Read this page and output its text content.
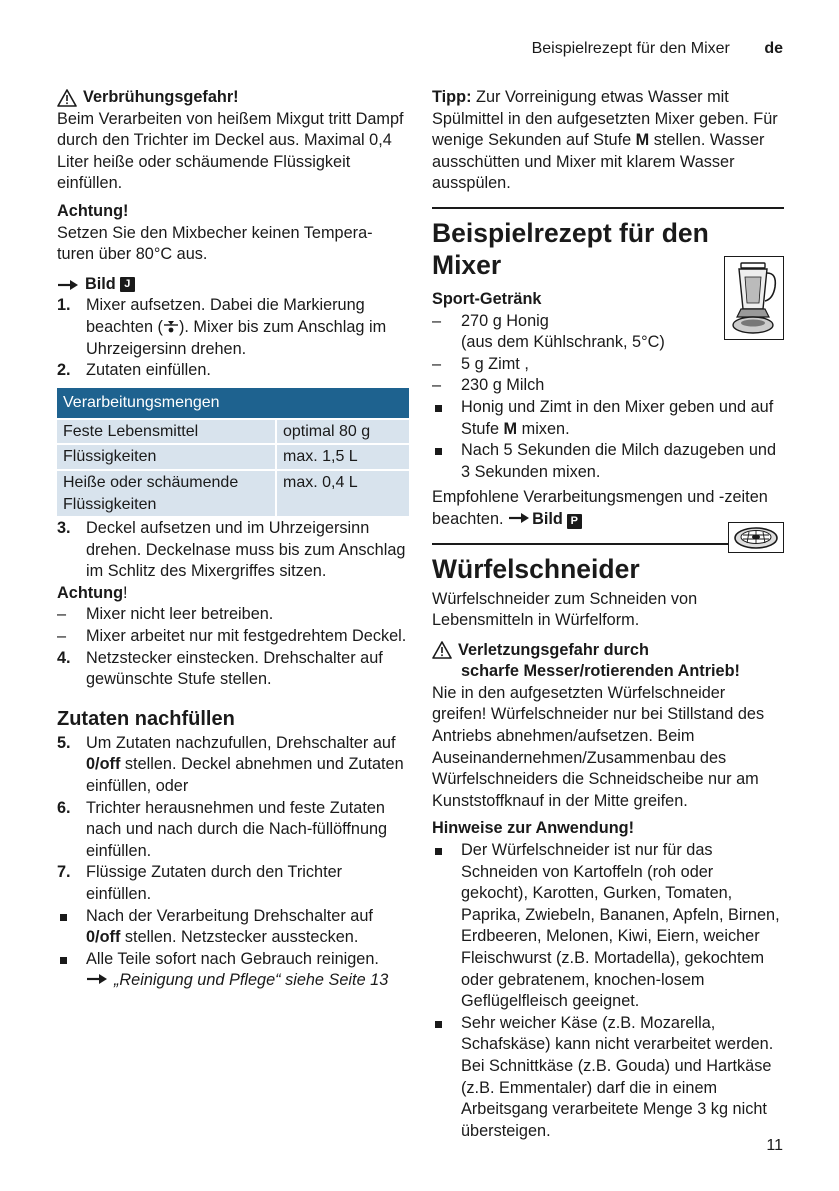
Beispielrezept für den Mixer de
Verbrühungsgefahr!

Beim Verarbeiten von heißem Mixgut tritt Dampf durch den Trichter im Deckel aus. Maximal 0,4 Liter heiße oder schäumende Flüssigkeit einfüllen.

Achtung!

Setzen Sie den Mixbecher keinen Tempera-turen über 80°C aus.

Bild J
1. Mixer aufsetzen. Dabei die Markierung beachten ( ). Mixer bis zum Anschlag im Uhrzeigersinn drehen.
2. Zutaten einfüllen.
Verarbeitungsmengen	
Feste Lebensmittel	optimal 80 g
Flüssigkeiten	max. 1,5 L
Heiße oder schäumende Flüssigkeiten	max. 0,4 L
3. Deckel aufsetzen und im Uhrzeigersinn drehen. Deckelnase muss bis zum Anschlag im Schlitz des Mixergriffes sitzen.

Achtung!

–	Mixer nicht leer betreiben.
–	Mixer arbeitet nur mit festgedrehtem Deckel.
4. Netzstecker einstecken. Drehschalter auf gewünschte Stufe stellen.
Zutaten nachfüllen
5. Um Zutaten nachzufullen, Drehschalter auf 0/off stellen. Deckel abnehmen und Zutaten einfüllen, oder
6. Trichter herausnehmen und feste Zutaten nach und nach durch die Nach-füllöffnung einfüllen.
7. Flüssige Zutaten durch den Trichter einfüllen.
Nach der Verarbeitung Drehschalter auf 0/off stellen. Netzstecker ausstecken.
Alle Teile sofort nach Gebrauch reinigen. „Reinigung und Pflege“ siehe Seite 13

Tipp: Zur Vorreinigung etwas Wasser mit Spülmittel in den aufgesetzten Mixer geben. Für wenige Sekunden auf Stufe M stellen. Wasser ausschütten und Mixer mit klarem Wasser ausspülen.

Beispielrezept für den Mixer

Sport-Getränk

–	270 g Honig
(aus dem Kühlschrank, 5°C)
–	5 g Zimt ,
–	230 g Milch
Honig und Zimt in den Mixer geben und auf Stufe M mixen.
Nach 5 Sekunden die Milch dazugeben und 3 Sekunden mixen.

Empfohlene Verarbeitungsmengen und -zeiten beachten. Bild P

Würfelschneider

Würfelschneider zum Schneiden von Lebensmitteln in Würfelform.

Verletzungsgefahr durch

scharfe Messer/rotierenden Antrieb!

Nie in den aufgesetzten Würfelschneider greifen! Würfelschneider nur bei Stillstand des Antriebs abnehmen/aufsetzen. Beim Auseinandernehmen/Zusammenbau des Würfelschneiders die Schneidscheibe nur am Kunststoffknauf in der Mitte greifen.

Hinweise zur Anwendung!

Der Würfelschneider ist nur für das Schneiden von Kartoffeln (roh oder gekocht), Karotten, Gurken, Tomaten, Paprika, Zwiebeln, Bananen, Apfeln, Birnen, Erdbeeren, Melonen, Kiwi, Eiern, weicher Fleischwurst (z.B. Mortadella), gekochtem oder gebratenem, knochen-losem Geflügelfleisch geeignet.
Sehr weicher Käse (z.B. Mozarella, Schafskäse) kann nicht verarbeitet werden. Bei Schnittkäse (z.B. Gouda) und Hartkäse (z.B. Emmentaler) darf die in einem Arbeitsgang verarbeitete Menge 3 kg nicht übersteigen.
11
